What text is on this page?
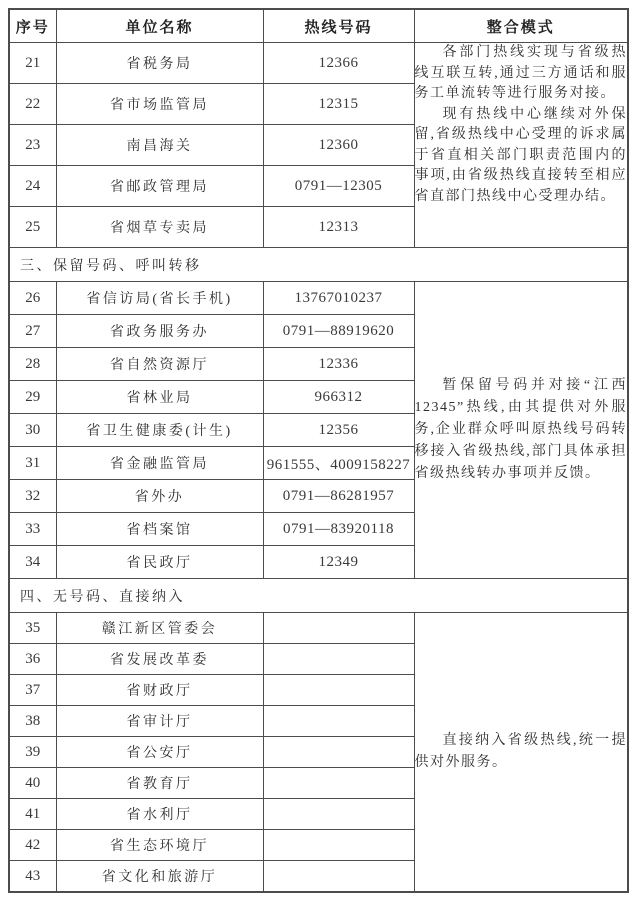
序号	单位名称	热线号码	整合模式
21	省税务局	12366	各部门热线实现与省级热线互联互转,通过三方通话和服务工单流转等进行服务对接。

现有热线中心继续对外保留,省级热线中心受理的诉求属于省直相关部门职责范围内的事项,由省级热线直接转至相应省直部门热线中心受理办结。

22	省市场监管局	12315	
23	南昌海关	12360	
24	省邮政管理局	0791—12305	
25	省烟草专卖局	12313	
三、保留号码、呼叫转移			
26	省信访局(省长手机)	13767010237	暂保留号码并对接“江西 12345”热线,由其提供对外服务,企业群众呼叫原热线号码转移接入省级热线,部门具体承担省级热线转办事项并反馈。

27	省政务服务办	0791—88919620	
28	省自然资源厅	12336	
29	省林业局	966312	
30	省卫生健康委(计生)	12356	
31	省金融监管局	961555、4009158227	
32	省外办	0791—86281957	
33	省档案馆	0791—83920118	
34	省民政厅	12349	
四、无号码、直接纳入			
35	赣江新区管委会		直接纳入省级热线,统一提供对外服务。

36	省发展改革委		
37	省财政厅		
38	省审计厅		
39	省公安厅		
40	省教育厅		
41	省水利厅		
42	省生态环境厅		
43	省文化和旅游厅		
